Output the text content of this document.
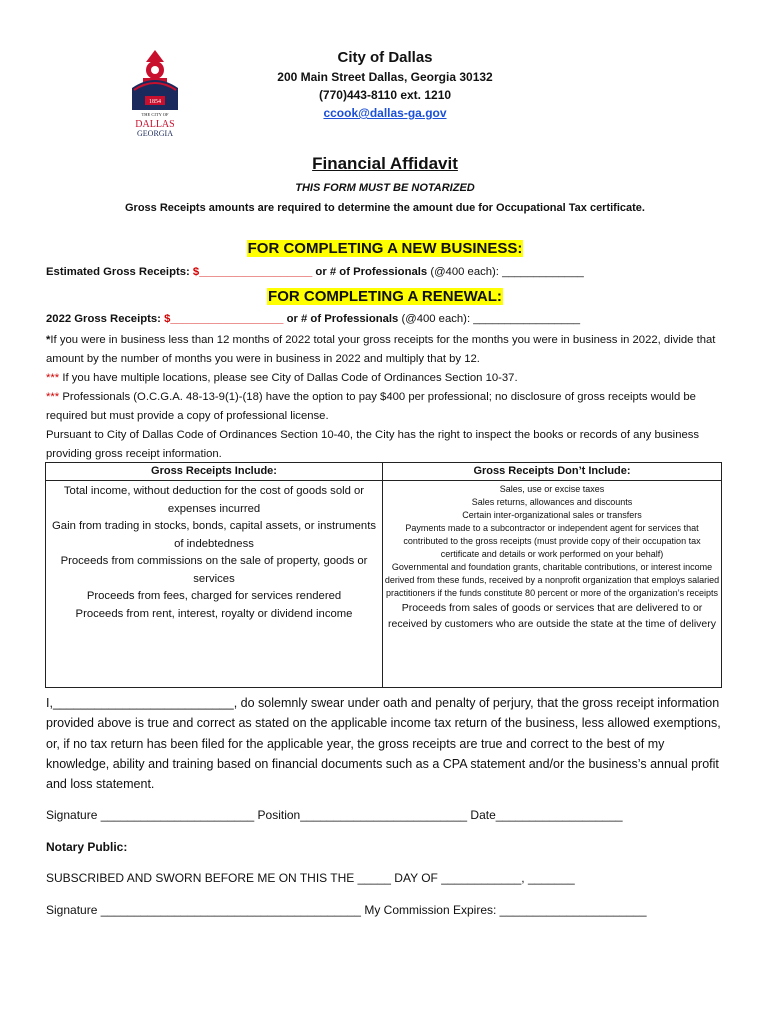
1854
THE CITY OF
DALLAS
GEORGIA
City of Dallas
200 Main Street Dallas, Georgia 30132
(770)443-8110 ext. 1210
ccook@dallas-ga.gov
Financial Affidavit
THIS FORM MUST BE NOTARIZED
Gross Receipts amounts are required to determine the amount due for Occupational Tax certificate.
FOR COMPLETING A NEW BUSINESS:
Estimated Gross Receipts: $__________________ or # of Professionals (@400 each): _____________
FOR COMPLETING A RENEWAL:
2022 Gross Receipts: $__________________ or # of Professionals (@400 each): _________________

*If you were in business less than 12 months of 2022 total your gross receipts for the months you were in business in 2022, divide that amount by the number of months you were in business in 2022 and multiply that by 12.

*** If you have multiple locations, please see City of Dallas Code of Ordinances Section 10-37.

*** Professionals (O.C.G.A. 48-13-9(1)-(18) have the option to pay $400 per professional; no disclosure of gross receipts would be required but must provide a copy of professional license.

Pursuant to City of Dallas Code of Ordinances Section 10-40, the City has the right to inspect the books or records of any business providing gross receipt information.

Gross Receipts Include:
Total income, without deduction for the cost of goods sold or expenses incurred
Gain from trading in stocks, bonds, capital assets, or instruments of indebtedness
Proceeds from commissions on the sale of property, goods or services
Proceeds from fees, charged for services rendered
Proceeds from rent, interest, royalty or dividend income
Gross Receipts Don’t Include:
Sales, use or excise taxes
Sales returns, allowances and discounts
Certain inter-organizational sales or transfers
Payments made to a subcontractor or independent agent for services that contributed to the gross receipts (must provide copy of their occupation tax certificate and details or work performed on your behalf)
Governmental and foundation grants, charitable contributions, or interest income derived from these funds, received by a nonprofit organization that employs salaried practitioners if the funds constitute 80 percent or more of the organization’s receipts
Proceeds from sales of goods or services that are delivered to or received by customers who are outside the state at the time of delivery
I,__________________________, do solemnly swear under oath and penalty of perjury, that the gross receipt information provided above is true and correct as stated on the applicable income tax return of the business, less allowed exemptions, or, if no tax return has been filed for the applicable year, the gross receipts are true and correct to the best of my knowledge, ability and training based on financial documents such as a CPA statement and/or the business’s annual profit and loss statement.
Signature _______________________ Position_________________________ Date___________________
Notary Public:
SUBSCRIBED AND SWORN BEFORE ME ON THIS THE _____ DAY OF ____________, _______
Signature _______________________________________ My Commission Expires: ______________________
